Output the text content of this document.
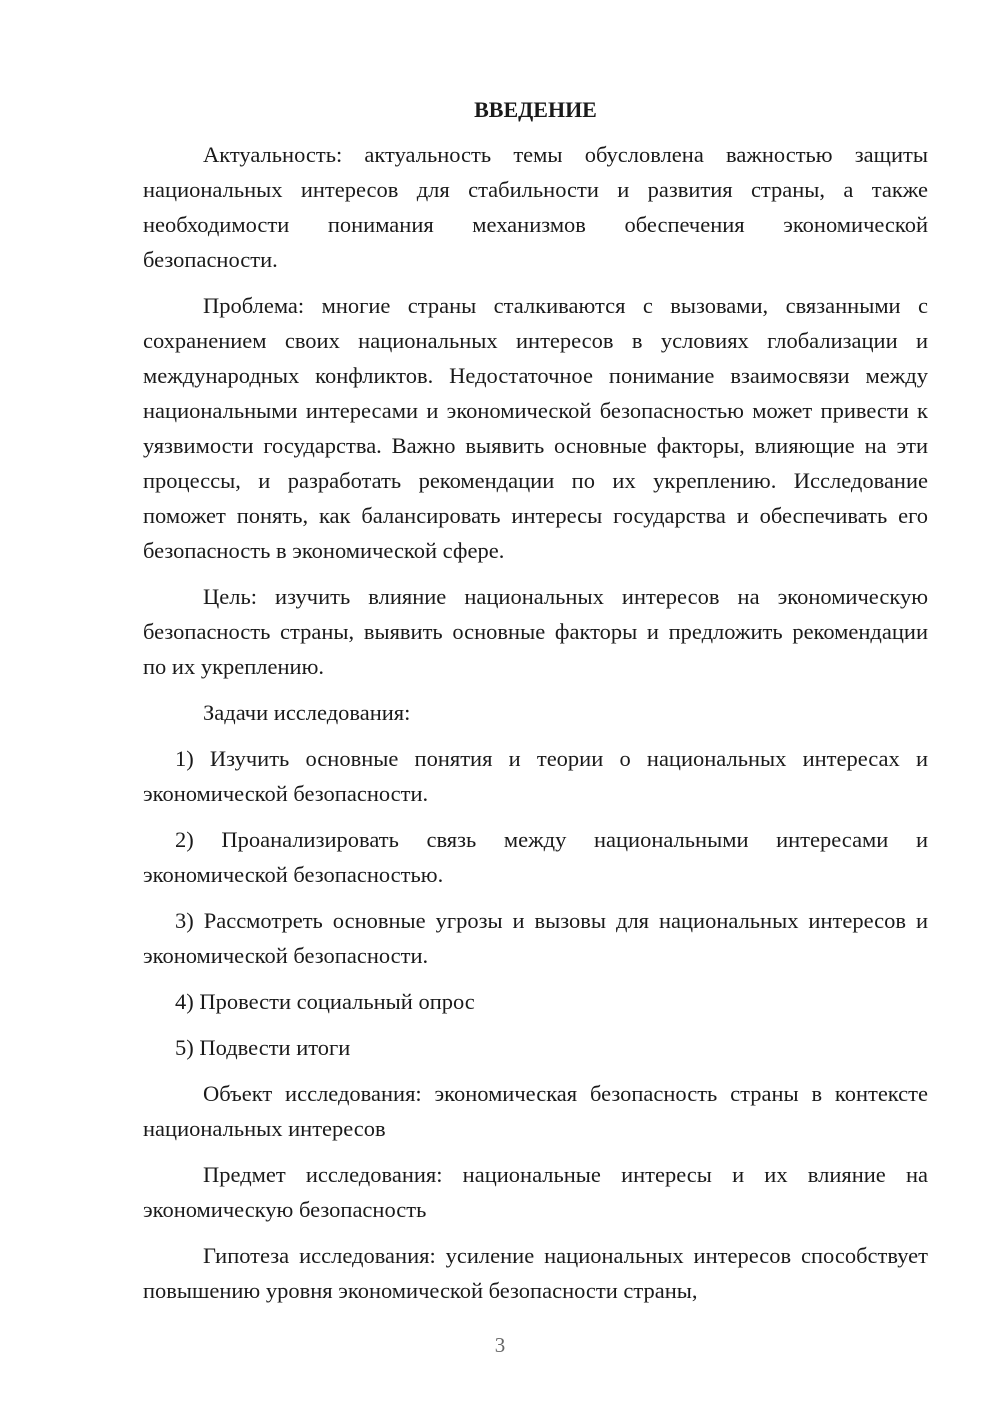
ВВЕДЕНИЕ

Актуальность: актуальность темы обусловлена важностью защиты национальных интересов для стабильности и развития страны, а также необходимости понимания механизмов обеспечения экономической безопасности.

Проблема: многие страны сталкиваются с вызовами, связанными с сохранением своих национальных интересов в условиях глобализации и международных конфликтов. Недостаточное понимание взаимосвязи между национальными интересами и экономической безопасностью может привести к уязвимости государства. Важно выявить основные факторы, влияющие на эти процессы, и разработать рекомендации по их укреплению. Исследование поможет понять, как балансировать интересы государства и обеспечивать его безопасность в экономической сфере.

Цель: изучить влияние национальных интересов на экономическую безопасность страны, выявить основные факторы и предложить рекомендации по их укреплению.

Задачи исследования:

1) Изучить основные понятия и теории о национальных интересах и экономической безопасности.

2) Проанализировать связь между национальными интересами и экономической безопасностью.

3) Рассмотреть основные угрозы и вызовы для национальных интересов и экономической безопасности.

4) Провести социальный опрос

5) Подвести итоги

Объект исследования: экономическая безопасность страны в контексте национальных интересов

Предмет исследования: национальные интересы и их влияние на экономическую безопасность

Гипотеза исследования: усиление национальных интересов способствует повышению уровня экономической безопасности страны,

3
